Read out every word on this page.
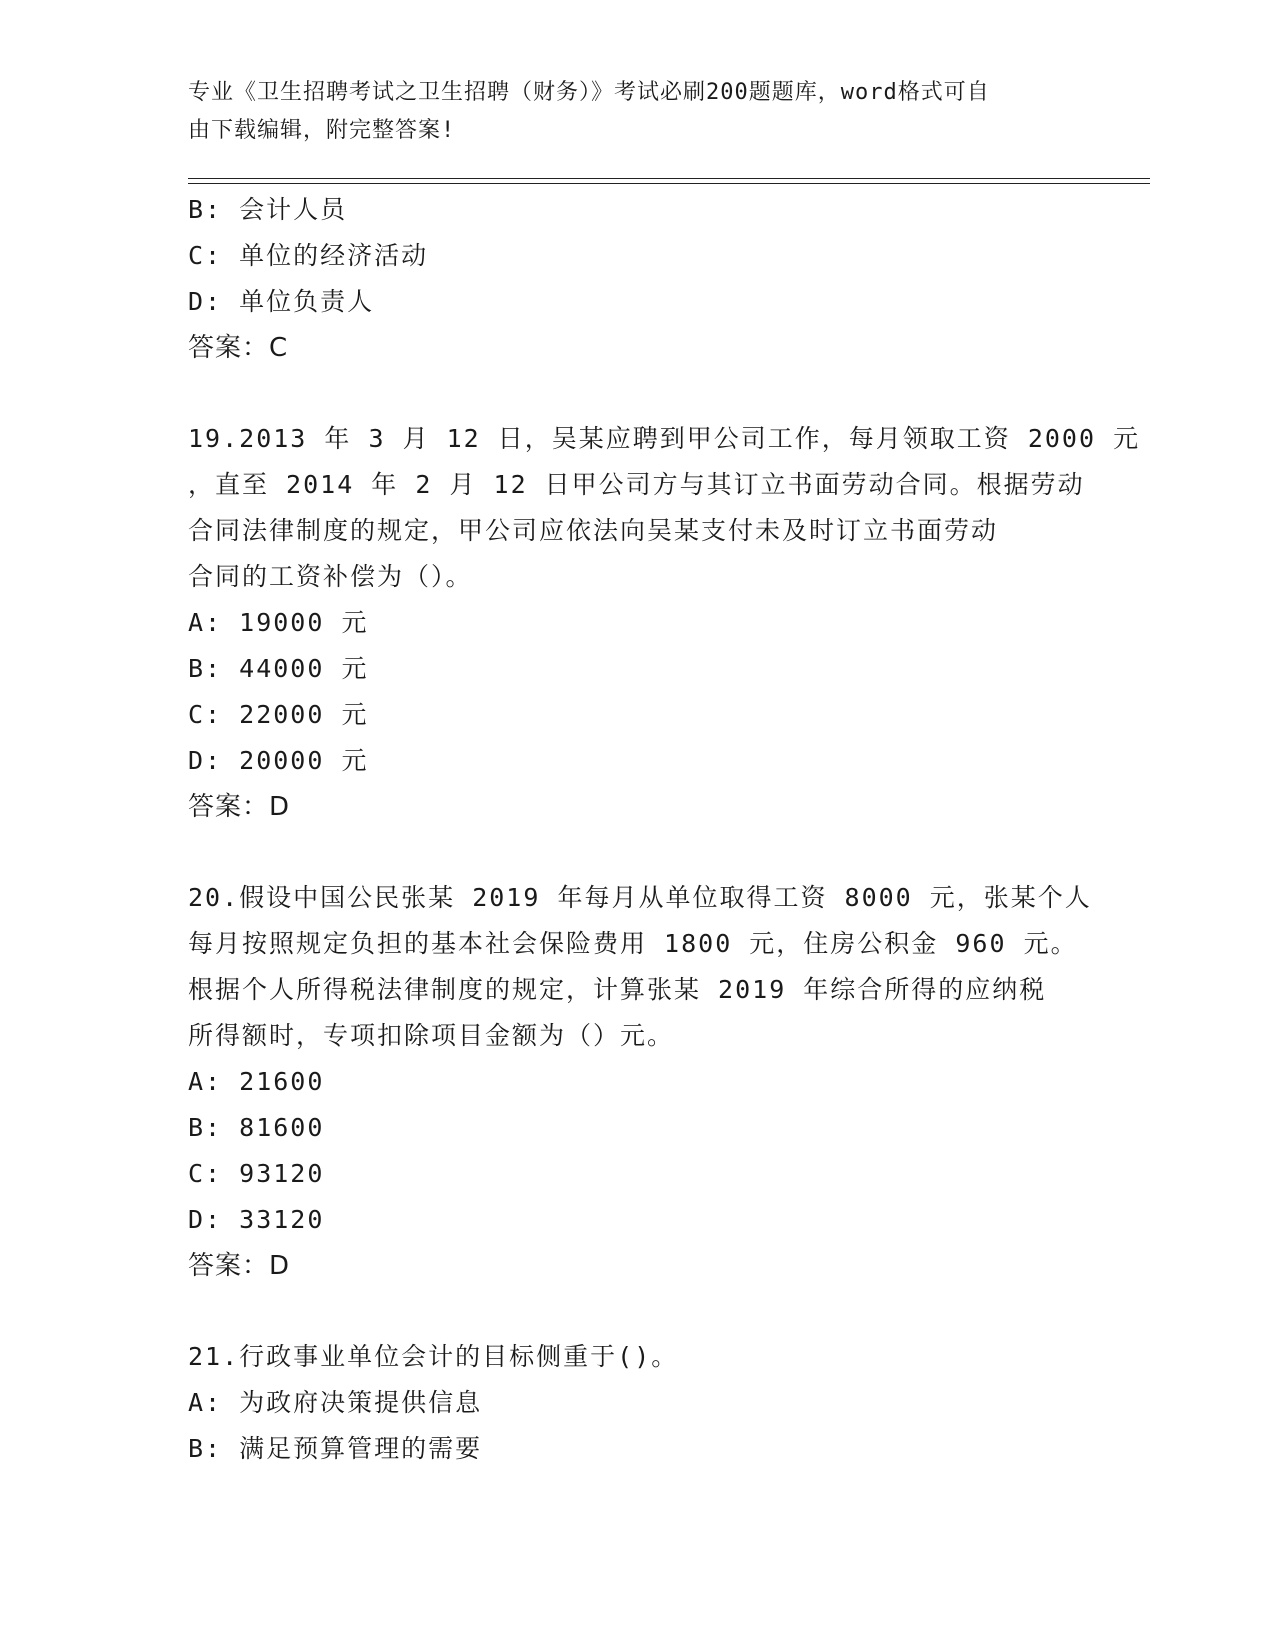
专业《卫生招聘考试之卫生招聘（财务）》考试必刷200题题库，word格式可自
由下载编辑，附完整答案!
B: 会计人员
C: 单位的经济活动
D: 单位负责人
答案：C
19.2013 年 3 月 12 日，吴某应聘到甲公司工作，每月领取工资 2000 元
，直至 2014 年 2 月 12 日甲公司方与其订立书面劳动合同。根据劳动
合同法律制度的规定，甲公司应依法向吴某支付未及时订立书面劳动
合同的工资补偿为（）。
A: 19000 元
B: 44000 元
C: 22000 元
D: 20000 元
答案：D
20.假设中国公民张某 2019 年每月从单位取得工资 8000 元，张某个人
每月按照规定负担的基本社会保险费用 1800 元，住房公积金 960 元。
根据个人所得税法律制度的规定，计算张某 2019 年综合所得的应纳税
所得额时，专项扣除项目金额为（）元。
A: 21600
B: 81600
C: 93120
D: 33120
答案：D
21.行政事业单位会计的目标侧重于()。
A: 为政府决策提供信息
B: 满足预算管理的需要
